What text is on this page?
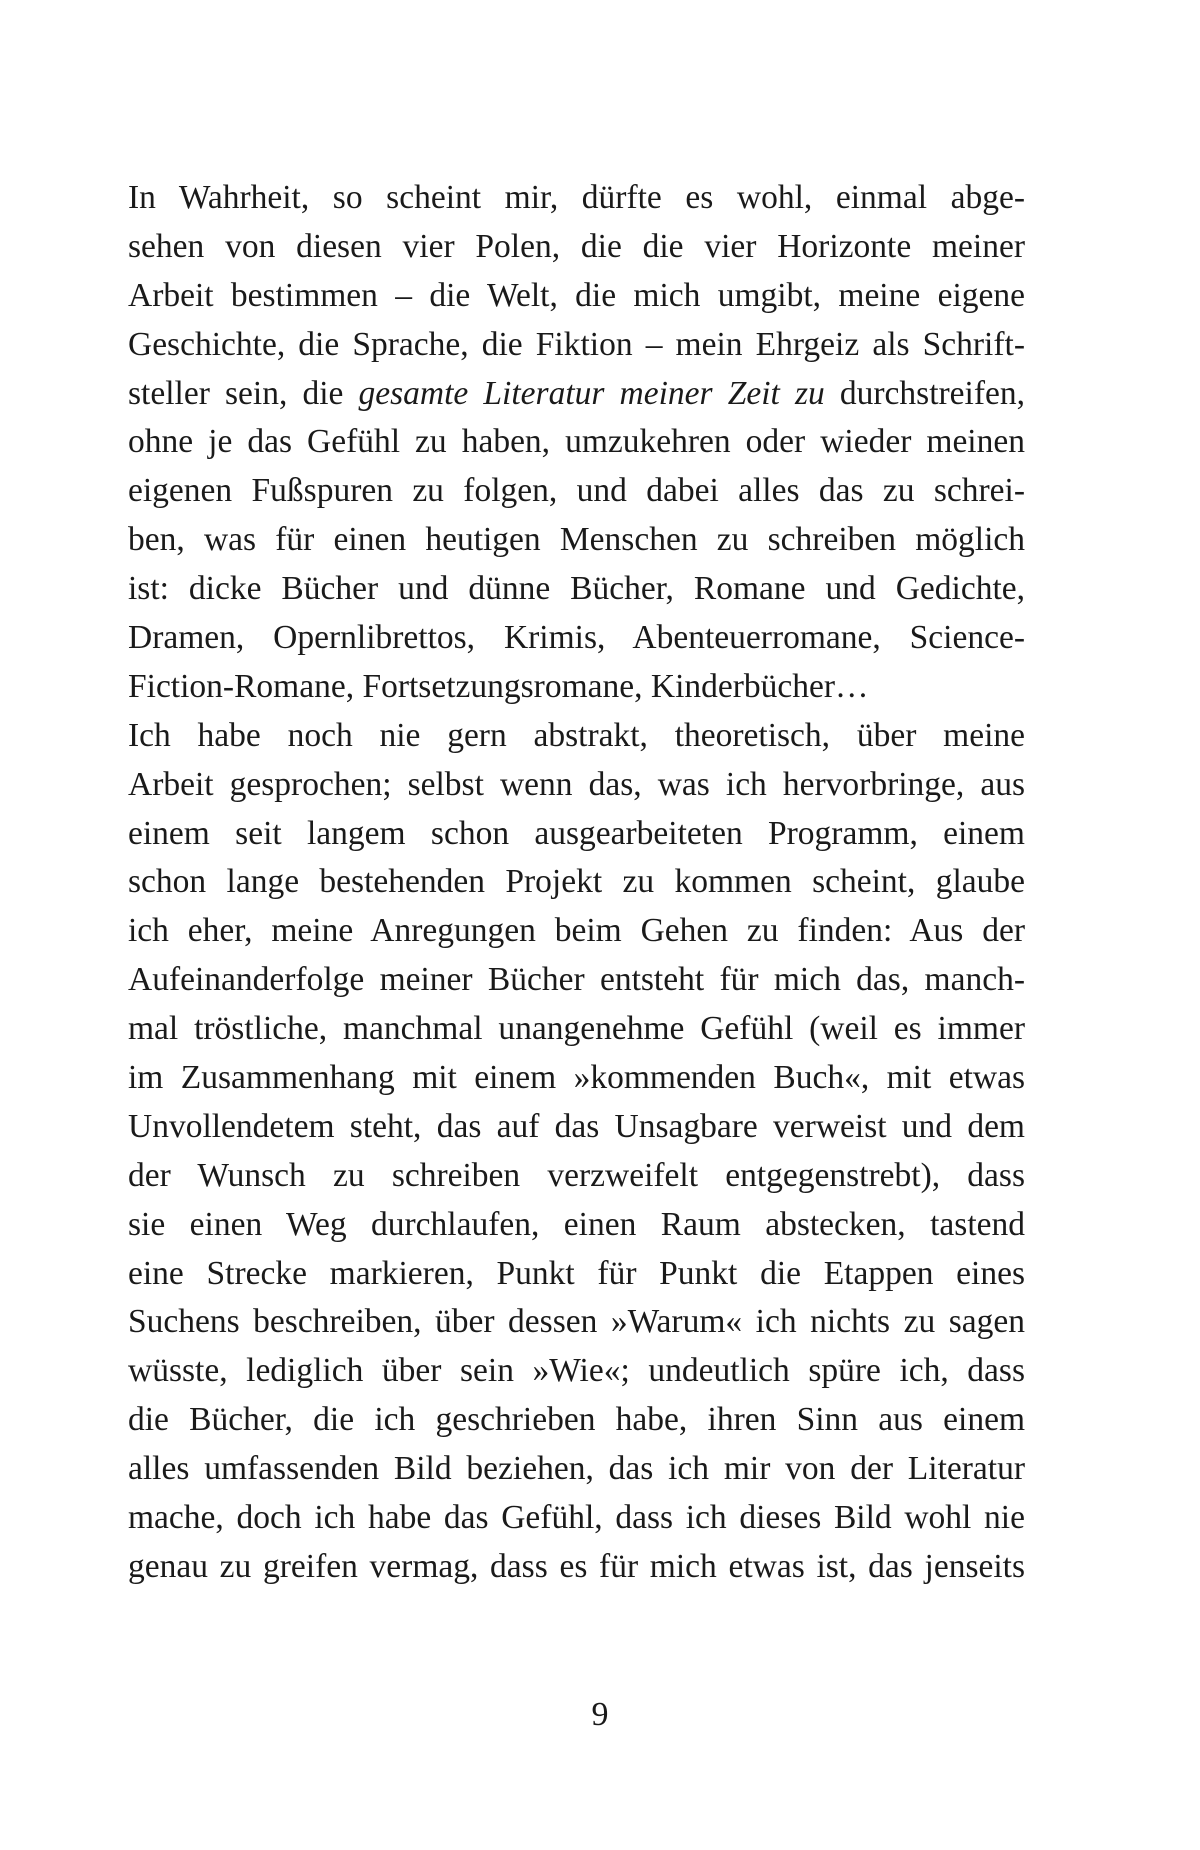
In Wahrheit, so scheint mir, dürfte es wohl, einmal abge-
sehen von diesen vier Polen, die die vier Horizonte meiner
Arbeit bestimmen – die Welt, die mich umgibt, meine eigene
Geschichte, die Sprache, die Fiktion – mein Ehrgeiz als Schrift-
steller sein, die gesamte Literatur meiner Zeit zu durchstreifen,
ohne je das Gefühl zu haben, umzukehren oder wieder meinen
eigenen Fußspuren zu folgen, und dabei alles das zu schrei-
ben, was für einen heutigen Menschen zu schreiben möglich
ist: dicke Bücher und dünne Bücher, Romane und Gedichte,
Dramen, Opernlibrettos, Krimis, Abenteuerromane, Science-
Fiction-Romane, Fortsetzungsromane, Kinderbücher…
Ich habe noch nie gern abstrakt, theoretisch, über meine
Arbeit gesprochen; selbst wenn das, was ich hervorbringe, aus
einem seit langem schon ausgearbeiteten Programm, einem
schon lange bestehenden Projekt zu kommen scheint, glaube
ich eher, meine Anregungen beim Gehen zu finden: Aus der
Aufeinanderfolge meiner Bücher entsteht für mich das, manch-
mal tröstliche, manchmal unangenehme Gefühl (weil es immer
im Zusammenhang mit einem »kommenden Buch«, mit etwas
Unvollendetem steht, das auf das Unsagbare verweist und dem
der Wunsch zu schreiben verzweifelt entgegenstrebt), dass
sie einen Weg durchlaufen, einen Raum abstecken, tastend
eine Strecke markieren, Punkt für Punkt die Etappen eines
Suchens beschreiben, über dessen »Warum« ich nichts zu sagen
wüsste, lediglich über sein »Wie«; undeutlich spüre ich, dass
die Bücher, die ich geschrieben habe, ihren Sinn aus einem
alles umfassenden Bild beziehen, das ich mir von der Literatur
mache, doch ich habe das Gefühl, dass ich dieses Bild wohl nie
genau zu greifen vermag, dass es für mich etwas ist, das jenseits
9
